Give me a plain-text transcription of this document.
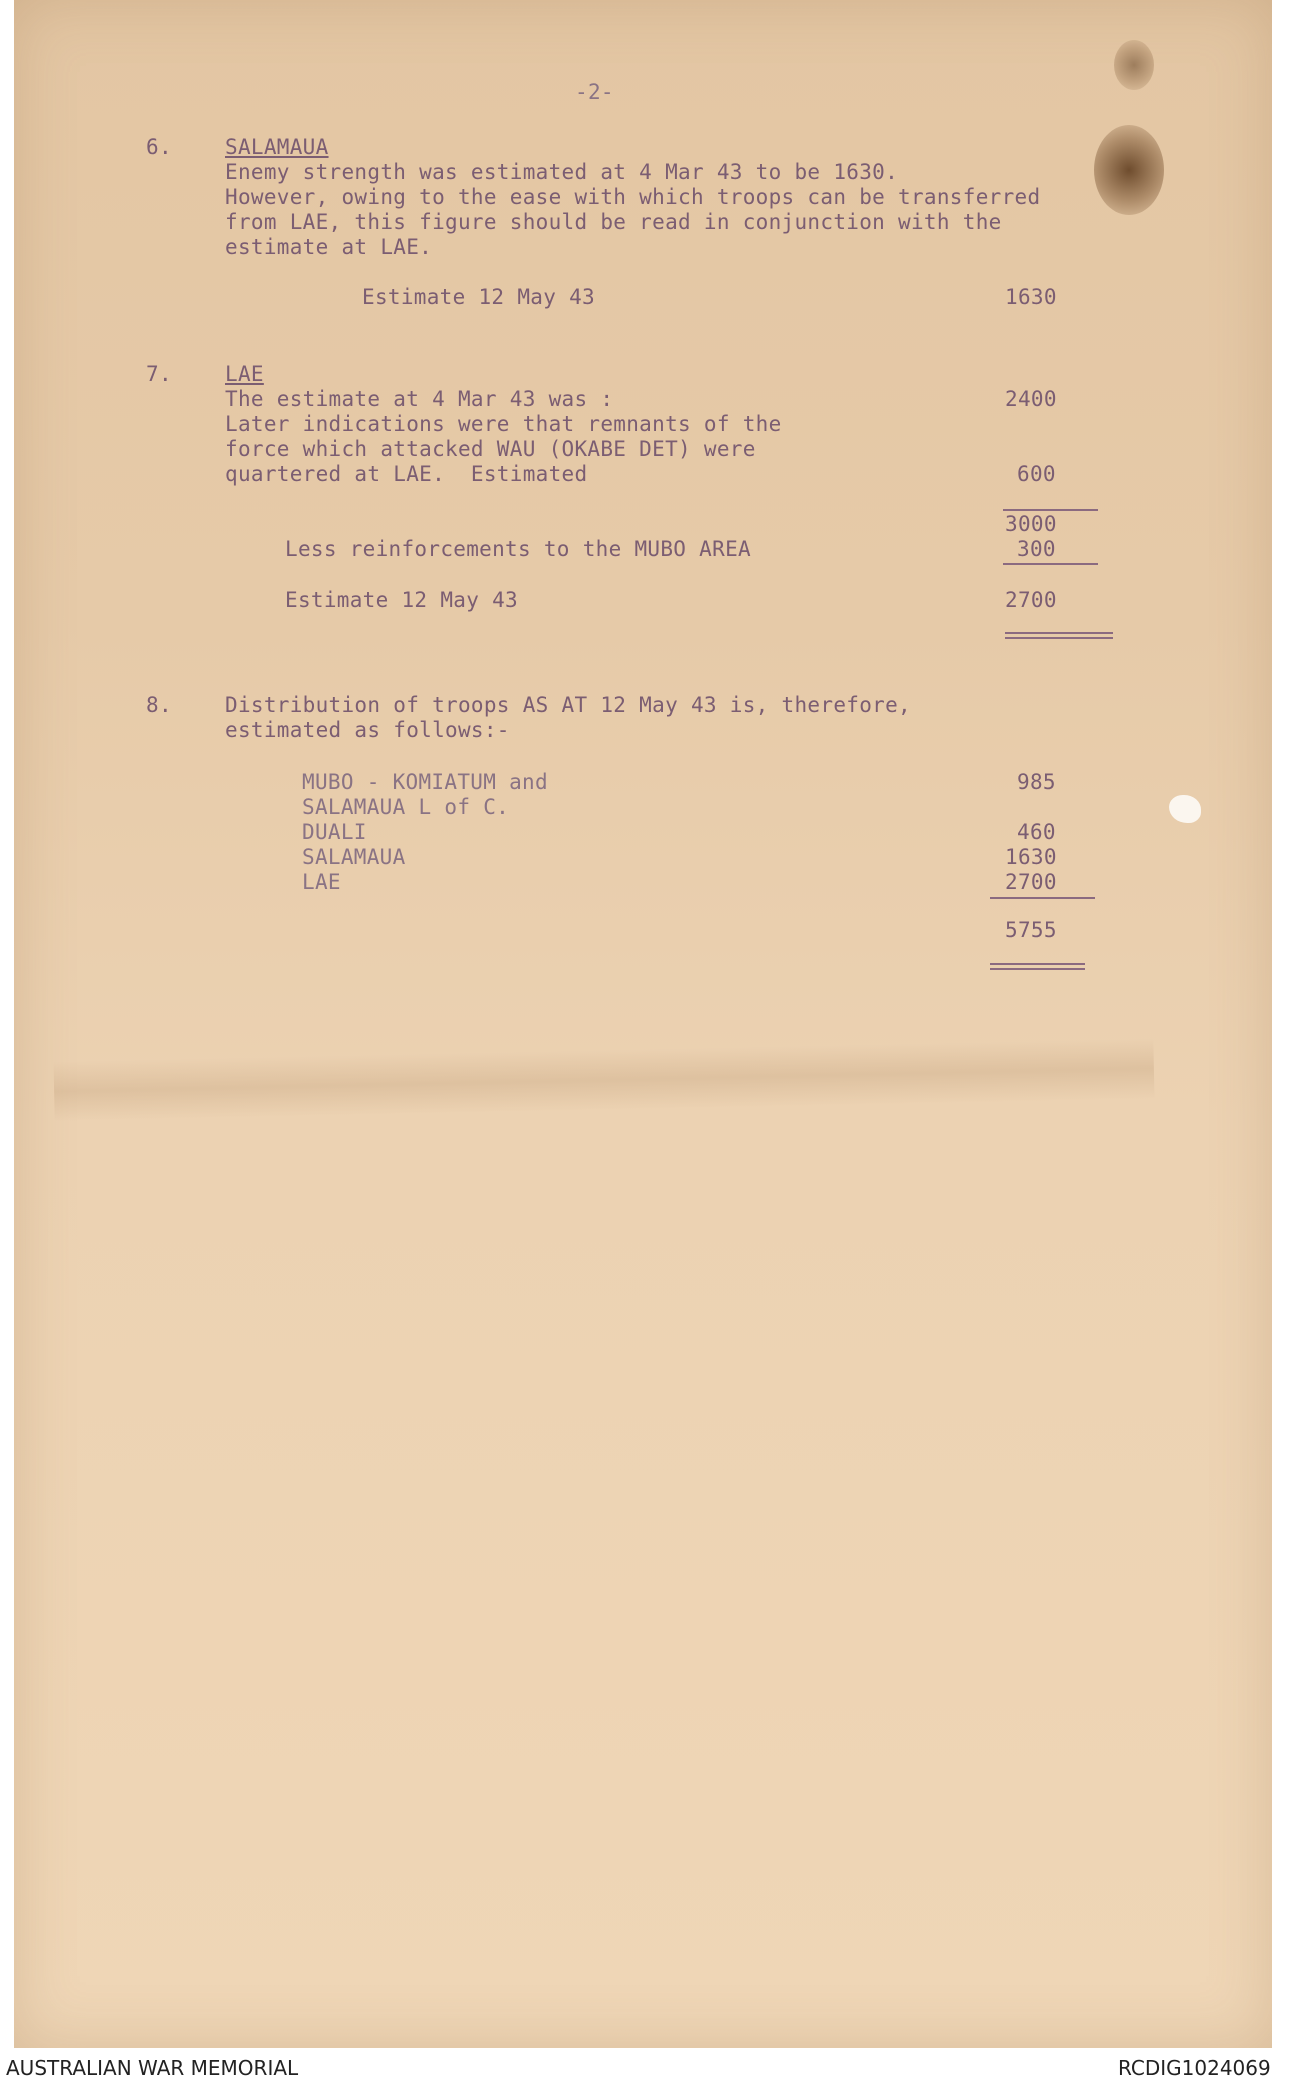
-2-
6.	SALAMAUA
Enemy strength was estimated at 4 Mar 43 to be 1630.
However, owing to the ease with which troops can be transferred
from LAE, this figure should be read in conjunction with the
estimate at LAE.
Estimate 12 May 43	1630
7.	LAE
The estimate at 4 Mar 43 was :	2400
Later indications were that remnants of the
force which attacked WAU (OKABE DET) were
quartered at LAE.  Estimated	600
3000
Less reinforcements to the MUBO AREA	300
Estimate 12 May 43	2700
8.	Distribution of troops AS AT 12 May 43 is, therefore,
estimated as follows:-
MUBO - KOMIATUM and	985
SALAMAUA L of C.
DUALI	460
SALAMAUA	1630
LAE	2700
5755
AUSTRALIAN WAR MEMORIAL	RCDIG1024069
